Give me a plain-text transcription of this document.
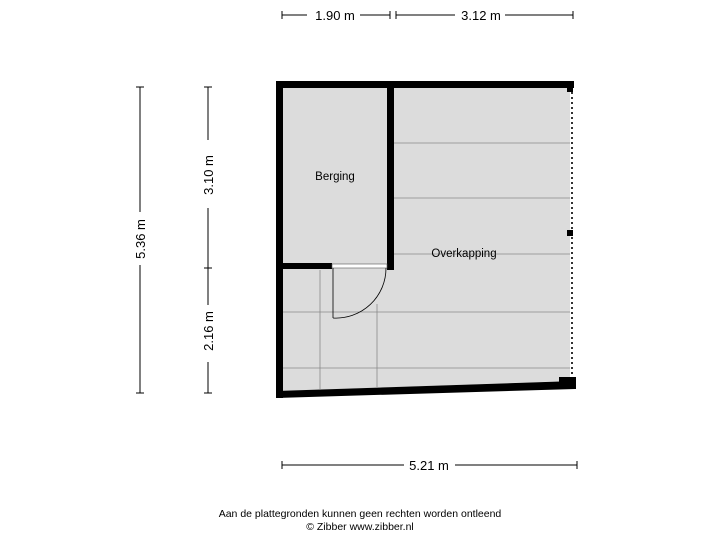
1.90 m	3.12 m
5.36 m
3.10 m
2.16 m
5.21 m
Berging
Overkapping
Aan de plattegronden kunnen geen rechten worden ontleend
© Zibber www.zibber.nl
